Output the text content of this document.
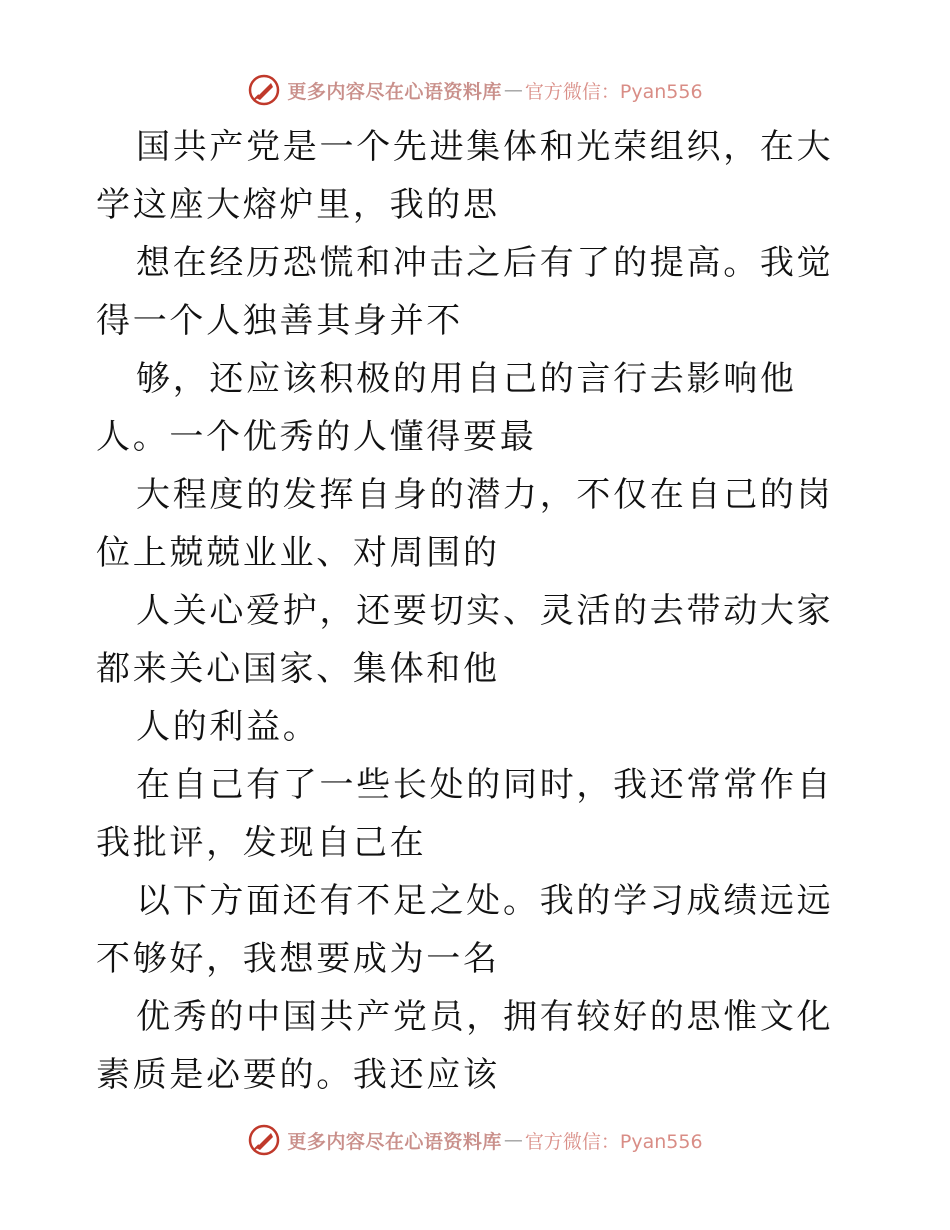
更多内容尽在心语资料库 — 官方微信：Pyan556

国共产党是一个先进集体和光荣组织，在大学这座大熔炉里，我的思

想在经历恐慌和冲击之后有了的提高。我觉得一个人独善其身并不

够，还应该积极的用自己的言行去影响他人。一个优秀的人懂得要最

大程度的发挥自身的潜力，不仅在自己的岗位上兢兢业业、对周围的

人关心爱护，还要切实、灵活的去带动大家都来关心国家、集体和他

人的利益。

在自己有了一些长处的同时，我还常常作自我批评，发现自己在

以下方面还有不足之处。我的学习成绩远远不够好，我想要成为一名

优秀的中国共产党员，拥有较好的思惟文化素质是必要的。我还应该

更多内容尽在心语资料库 — 官方微信：Pyan556
